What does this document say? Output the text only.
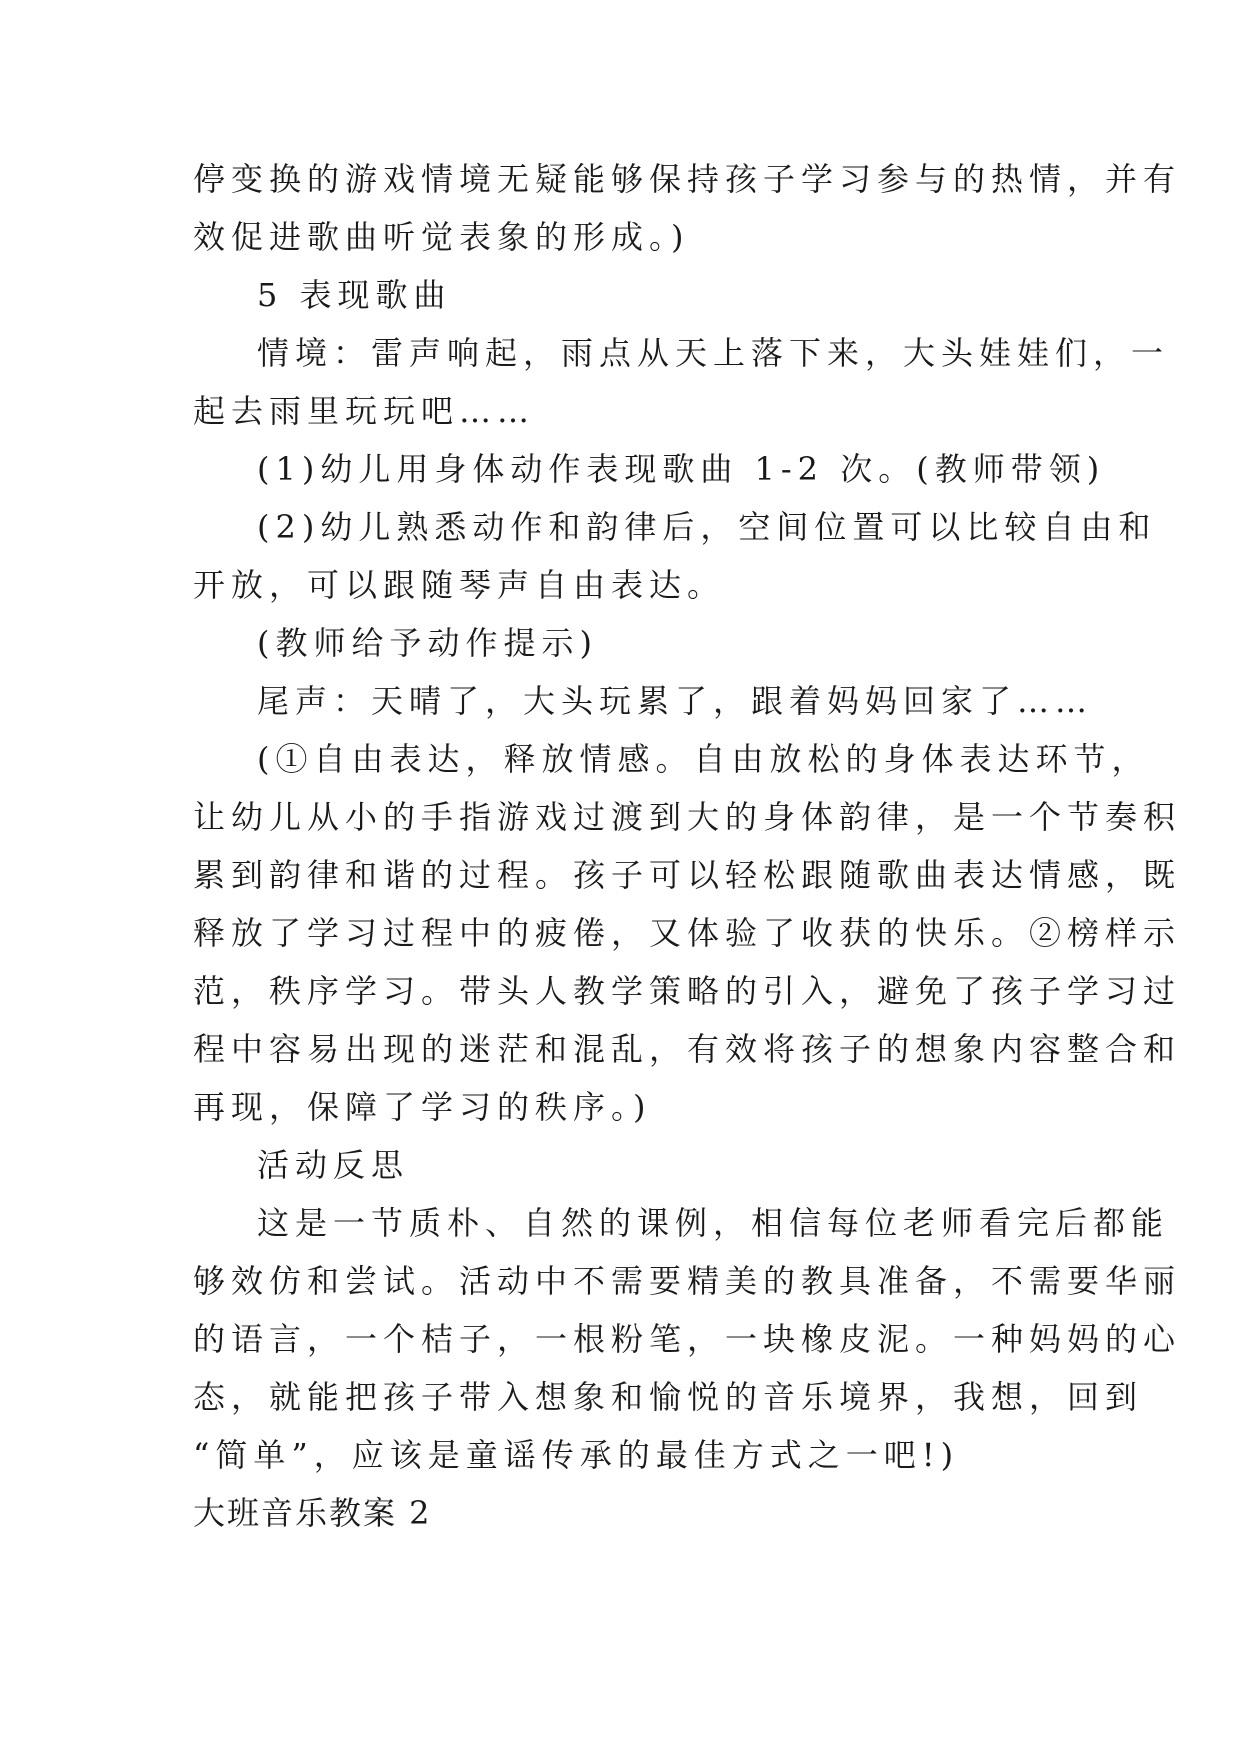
停变换的游戏情境无疑能够保持孩子学习参与的热情，并有

效促进歌曲听觉表象的形成。)

5 表现歌曲

情境：雷声响起，雨点从天上落下来，大头娃娃们，一

起去雨里玩玩吧……

(1)幼儿用身体动作表现歌曲 1-2 次。(教师带领)

(2)幼儿熟悉动作和韵律后，空间位置可以比较自由和

开放，可以跟随琴声自由表达。

(教师给予动作提示)

尾声：天晴了，大头玩累了，跟着妈妈回家了……

(①自由表达，释放情感。自由放松的身体表达环节，

让幼儿从小的手指游戏过渡到大的身体韵律，是一个节奏积

累到韵律和谐的过程。孩子可以轻松跟随歌曲表达情感，既

释放了学习过程中的疲倦，又体验了收获的快乐。②榜样示

范，秩序学习。带头人教学策略的引入，避免了孩子学习过

程中容易出现的迷茫和混乱，有效将孩子的想象内容整合和

再现，保障了学习的秩序。)

活动反思

这是一节质朴、自然的课例，相信每位老师看完后都能

够效仿和尝试。活动中不需要精美的教具准备，不需要华丽

的语言，一个桔子，一根粉笔，一块橡皮泥。一种妈妈的心

态，就能把孩子带入想象和愉悦的音乐境界，我想，回到

“简单”，应该是童谣传承的最佳方式之一吧!)

大班音乐教案 2
